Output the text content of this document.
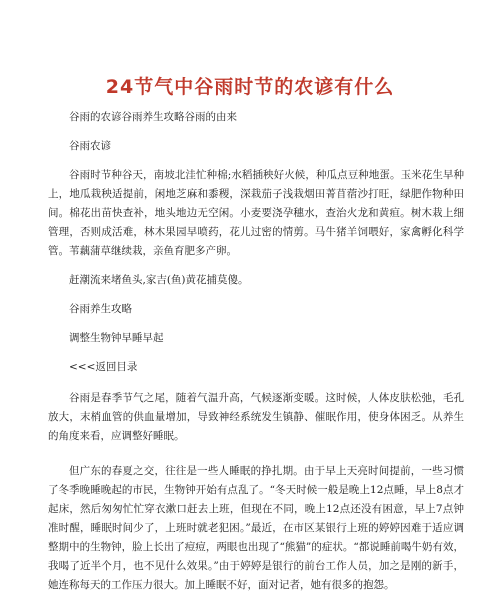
24节气中谷雨时节的农谚有什么

谷雨的农谚谷雨养生攻略谷雨的由来

谷雨农谚

谷雨时节种谷天，南坡北洼忙种棉;水稻插秧好火候，种瓜点豆种地蛋。玉米花生早种上，地瓜栽秧适提前，闲地芝麻和黍稷，深栽茄子浅栽烟田菁苜蓿沙打旺，绿肥作物种田间。棉花出苗快查补，地头地边无空闲。小麦要浇孕穗水，查治火龙和黄疸。树木栽上细管理，否则成活难，林木果园早喷药，花儿过密的情剪。马牛猪羊饲喂好，家禽孵化科学管。苇藕蒲草继续栽，亲鱼育肥多产卵。

赶潮流来堵鱼头,家吉(鱼)黄花捕莫傻。

谷雨养生攻略

调整生物钟早睡早起

<<<返回目录

谷雨是春季节气之尾，随着气温升高，气候逐渐变暖。这时候，人体皮肤松弛，毛孔放大，末梢血管的供血量增加，导致神经系统发生镇静、催眠作用，使身体困乏。从养生的角度来看，应调整好睡眠。

但广东的春夏之交，往往是一些人睡眠的挣扎期。由于早上天亮时间提前，一些习惯了冬季晚睡晚起的市民，生物钟开始有点乱了。“冬天时候一般是晚上12点睡，早上8点才起床，然后匆匆忙忙穿衣漱口赶去上班，但现在不同，晚上12点还没有困意，早上7点钟准时醒，睡眠时间少了，上班时就老犯困。”最近，在市区某银行上班的婷婷因难于适应调整期中的生物钟，脸上长出了痘痘，两眼也出现了“熊猫”的症状。“都说睡前喝牛奶有效，我喝了近半个月，也不见什么效果。”由于婷婷是银行的前台工作人员，加之是刚的新手，她连称每天的工作压力很大。加上睡眠不好，面对记者，她有很多的抱怨。
